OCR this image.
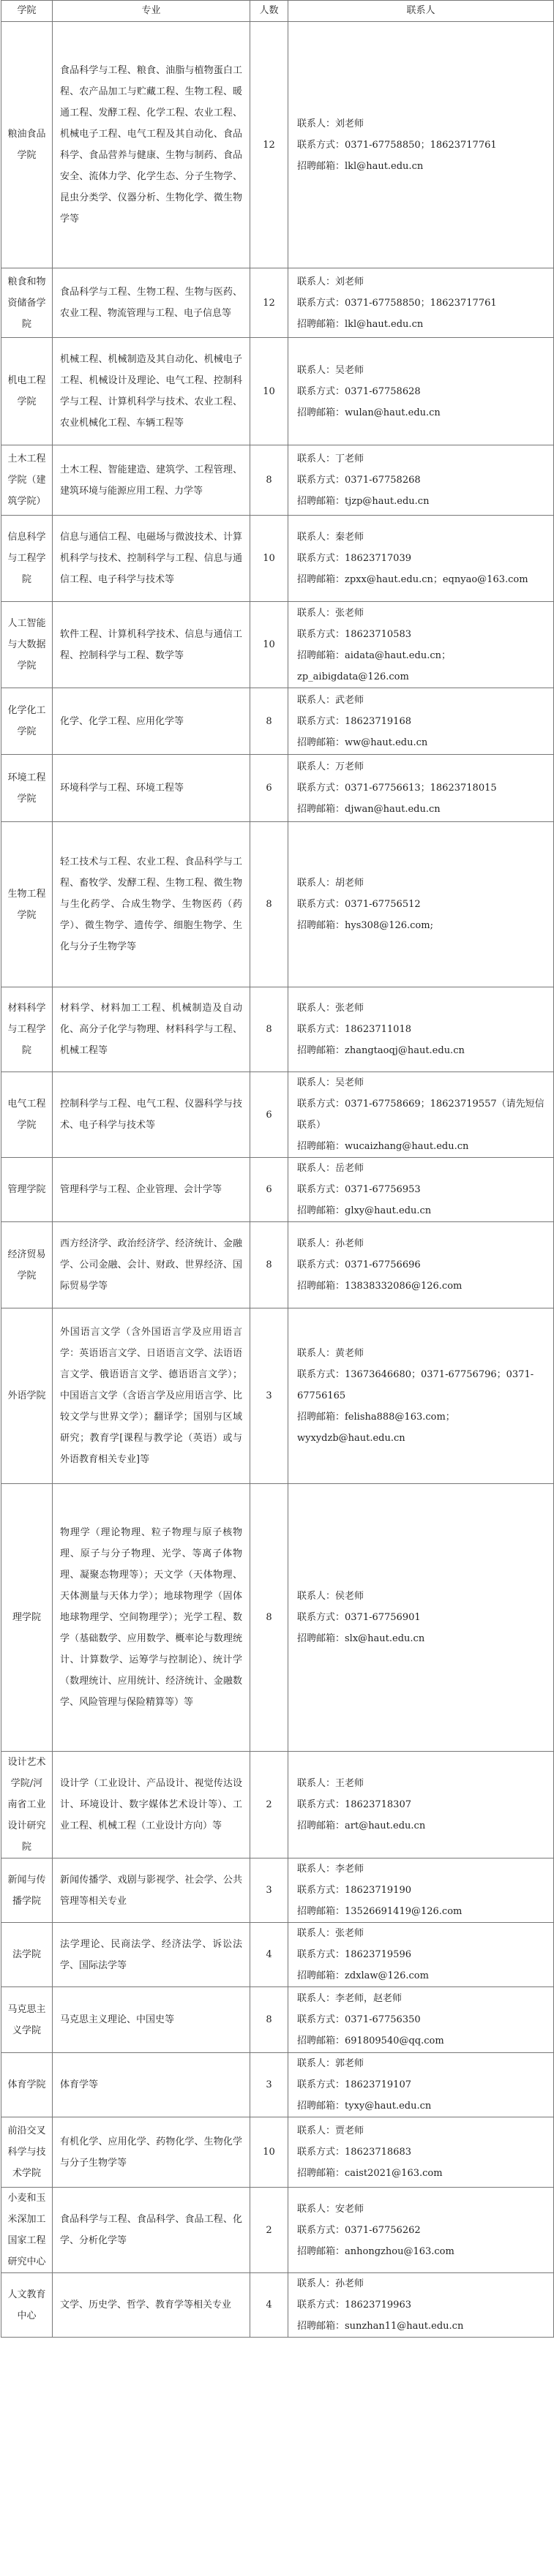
学院	专业	人数	联系人
粮油食品学院	食品科学与工程、粮食、油脂与植物蛋白工程、农产品加工与贮藏工程、生物工程、暖通工程、发酵工程、化学工程、农业工程、机械电子工程、电气工程及其自动化、食品科学、食品营养与健康、生物与制药、食品安全、流体力学、化学生态、分子生物学、昆虫分类学、仪器分析、生物化学、微生物学等	12	联系人：刘老师
联系方式：0371-67758850；18623717761
招聘邮箱：lkl@haut.edu.cn

粮食和物资储备学院	食品科学与工程、生物工程、生物与医药、农业工程、物流管理与工程、电子信息等	12	联系人：刘老师
联系方式：0371-67758850；18623717761
招聘邮箱：lkl@haut.edu.cn

机电工程学院	机械工程、机械制造及其自动化、机械电子工程、机械设计及理论、电气工程、控制科学与工程、计算机科学与技术、农业工程、农业机械化工程、车辆工程等	10	联系人：吴老师
联系方式：0371-67758628
招聘邮箱：wulan@haut.edu.cn

土木工程学院（建筑学院）	土木工程、智能建造、建筑学、工程管理、建筑环境与能源应用工程、力学等	8	联系人：丁老师
联系方式：0371-67758268
招聘邮箱：tjzp@haut.edu.cn

信息科学与工程学院	信息与通信工程、电磁场与微波技术、计算机科学与技术、控制科学与工程、信息与通信工程、电子科学与技术等	10	联系人：秦老师
联系方式：18623717039
招聘邮箱：zpxx@haut.edu.cn；eqnyao@163.com

人工智能与大数据学院	软件工程、计算机科学技术、信息与通信工程、控制科学与工程、数学等	10	联系人：张老师
联系方式：18623710583
招聘邮箱：aidata@haut.edu.cn；zp_aibigdata@126.com

化学化工学院	化学、化学工程、应用化学等	8	联系人：武老师
联系方式：18623719168
招聘邮箱：ww@haut.edu.cn

环境工程学院	环境科学与工程、环境工程等	6	联系人：万老师
联系方式：0371-67756613；18623718015
招聘邮箱：djwan@haut.edu.cn

生物工程学院	轻工技术与工程、农业工程、食品科学与工程、畜牧学、发酵工程、生物工程、微生物与生化药学、合成生物学、生物医药（药学）、微生物学、遗传学、细胞生物学、生化与分子生物学等	8	联系人：胡老师
联系方式：0371-67756512
招聘邮箱：hys308@126.com;

材料科学与工程学院	材料学、材料加工工程、机械制造及自动化、高分子化学与物理、材料科学与工程、机械工程等	8	联系人：张老师
联系方式：18623711018
招聘邮箱：zhangtaoqj@haut.edu.cn

电气工程学院	控制科学与工程、电气工程、仪器科学与技术、电子科学与技术等	6	联系人：吴老师
联系方式：0371-67758669；18623719557（请先短信联系）
招聘邮箱：wucaizhang@haut.edu.cn

管理学院	管理科学与工程、企业管理、会计学等	6	联系人：岳老师
联系方式：0371-67756953
招聘邮箱：glxy@haut.edu.cn

经济贸易学院	西方经济学、政治经济学、经济统计、金融学、公司金融、会计、财政、世界经济、国际贸易学等	8	联系人：孙老师
联系方式：0371-67756696
招聘邮箱：13838332086@126.com

外语学院	外国语言文学（含外国语言学及应用语言学：英语语言文学、日语语言文学、法语语言文学、俄语语言文学、德语语言文学）；中国语言文学（含语言学及应用语言学、比较文学与世界文学）；翻译学；国别与区域研究；教育学[课程与教学论（英语）或与外语教育相关专业]等	3	联系人：黄老师
联系方式：13673646680；0371-67756796；0371-67756165
招聘邮箱：felisha888@163.com；wyxydzb@haut.edu.cn

理学院	物理学（理论物理、粒子物理与原子核物理、原子与分子物理、光学、等离子体物理、凝聚态物理等）；天文学（天体物理、天体测量与天体力学）；地球物理学（固体地球物理学、空间物理学）；光学工程、数学（基础数学、应用数学、概率论与数理统计、计算数学、运筹学与控制论）、统计学（数理统计、应用统计、经济统计、金融数学、风险管理与保险精算等）等	8	联系人：侯老师
联系方式：0371-67756901
招聘邮箱：slx@haut.edu.cn

设计艺术学院/河南省工业设计研究院	设计学（工业设计、产品设计、视觉传达设计、环境设计、数字媒体艺术设计等）、工业工程、机械工程（工业设计方向）等	2	联系人：王老师
联系方式：18623718307
招聘邮箱：art@haut.edu.cn

新闻与传播学院	新闻传播学、戏剧与影视学、社会学、公共管理等相关专业	3	联系人：李老师
联系方式：18623719190
招聘邮箱：13526691419@126.com

法学院	法学理论、民商法学、经济法学、诉讼法学、国际法学等	4	联系人：张老师
联系方式：18623719596
招聘邮箱：zdxlaw@126.com

马克思主义学院	马克思主义理论、中国史等	8	联系人：李老师，赵老师
联系方式：0371-67756350
招聘邮箱：691809540@qq.com

体育学院	体育学等	3	联系人：郭老师
联系方式：18623719107
招聘邮箱：tyxy@haut.edu.cn

前沿交叉科学与技术学院	有机化学、应用化学、药物化学、生物化学与分子生物学等	10	联系人：贾老师
联系方式：18623718683
招聘邮箱：caist2021@163.com

小麦和玉米深加工国家工程研究中心	食品科学与工程、食品科学、食品工程、化学、分析化学等	2	联系人：安老师
联系方式：0371-67756262
招聘邮箱：anhongzhou@163.com

人文教育中心	文学、历史学、哲学、教育学等相关专业	4	联系人：孙老师
联系方式：18623719963
招聘邮箱：sunzhan11@haut.edu.cn
